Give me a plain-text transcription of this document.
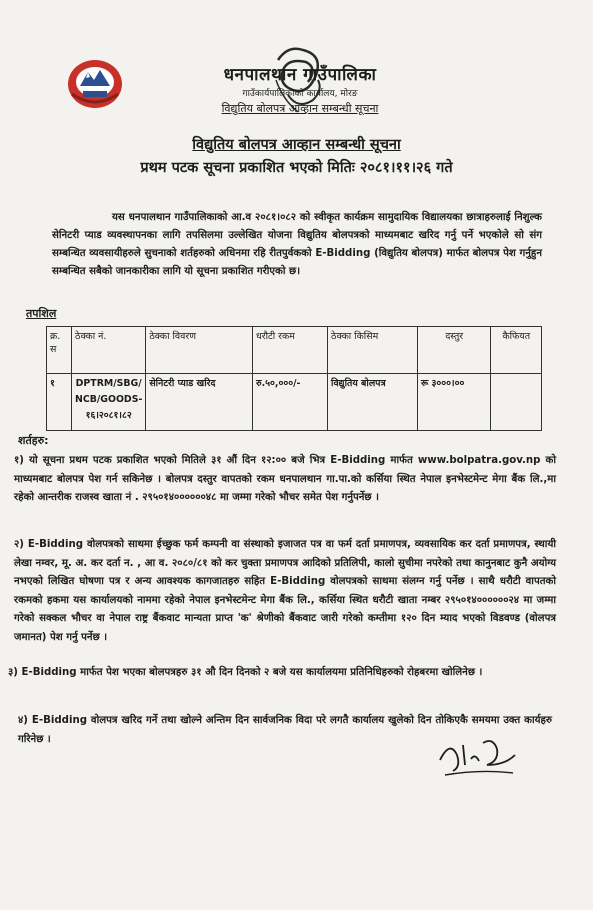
धनपालथान गाउँपालिका
गाउँकार्यपालिकाको कार्यालय, मोरङ
विद्युतिय बोलपत्र आव्हान सम्बन्धी सूचना
विद्युतिय बोलपत्र आव्हान सम्बन्धी सूचना
प्रथम पटक सूचना प्रकाशित भएको मितिः २०८१।११।२६ गते
यस धनपालथान गाउँपालिकाको आ.व २०८१।०८२ को स्वीकृत कार्यक्रम सामुदायिक विद्यालयका छात्राहरुलाई निशुल्क सेनिटरी प्याड व्यवस्थापनका लागि तपसिलमा उल्लेखित योजना विद्युतिय बोलपत्रको माध्यमबाट खरिद गर्नु पर्ने भएकोले सो संग सम्बन्धित व्यवसायीहरुले सुचनाको शर्तहरुको अधिनमा रहि रीतपुर्वकको E-Bidding (विद्युतिय बोलपत्र) मार्फत बोलपत्र पेश गर्नुहुन सम्बन्धित सबैको जानकारीका लागि यो सूचना प्रकाशित गरीएको छ।
तपशिल
क्र. स	ठेक्का नं.	ठेक्का विवरण	धरौटी रकम	ठेक्का किसिम	दस्तुर	कैफियत
१	DPTRM/SBG/ NCB/GOODS- १६।२०८१।८२	सेनिटरी प्याड खरिद	रु.५०,०००/-	विद्युतिय बोलपत्र	रू ३०००।००	
शर्तहरु:
१) यो सूचना प्रथम पटक प्रकाशित भएको मितिले ३१ औं दिन १२:०० बजे भित्र E-Bidding मार्फत www.bolpatra.gov.np को माध्यमबाट बोलपत्र पेश गर्न सकिनेछ । बोलपत्र दस्तुर वापतको रकम धनपालथान गा.पा.को कर्सिया स्थित नेपाल इनभेस्टमेन्ट मेगा बैंक लि.,मा रहेको आन्तरीक राजस्व खाता नं . २९५०१४००००००४८ मा जम्मा गरेको भौचर समेत पेश गर्नुपर्नेछ ।
२) E-Bidding वोलपत्रको साथमा ईच्छुक फर्म कम्पनी वा संस्थाको इजाजत पत्र वा फर्म दर्ता प्रमाणपत्र, व्यवसायिक कर दर्ता प्रमाणपत्र, स्थायी लेखा नम्वर, मू. अ. कर दर्ता न. , आ व. २०८०/८१ को कर चुक्ता प्रमाणपत्र आदिको प्रतिलिपी, कालो सुचीमा नपरेको तथा कानुनबाट कुनै अयोग्य नभएको लिखित घोषणा पत्र र अन्य आवश्यक कागजातहरु सहित E-Bidding वोलपत्रको साथमा संलग्न गर्नु पर्नेछ । साथै धरौटी वापतको रकमको हकमा यस कार्यालयको नाममा रहेको नेपाल इनभेस्टमेन्ट मेगा बैंक लि., कर्सिया स्थित धरौटी खाता नम्बर २९५०१४००००००२४ मा जम्मा गरेको सक्कल भौचर वा नेपाल राष्ट्र बैंकवाट मान्यता प्राप्त 'क' श्रेणीको बैंकवाट जारी गरेको कम्तीमा १२० दिन म्याद भएको विडवण्ड (वोलपत्र जमानत) पेश गर्नु पर्नेछ ।
३) E-Bidding मार्फत पेश भएका बोलपत्रहरु ३१ औ दिन दिनको २ बजे यस कार्यालयमा प्रतिनिधिहरुको रोहबरमा खोलिनेछ ।
४) E-Bidding वोलपत्र खरिद गर्ने तथा खोल्ने अन्तिम दिन सार्वजनिक विदा परे लगतै कार्यालय खुलेको दिन तोकिएकै समयमा उक्त कार्यहरु गरिनेछ ।
